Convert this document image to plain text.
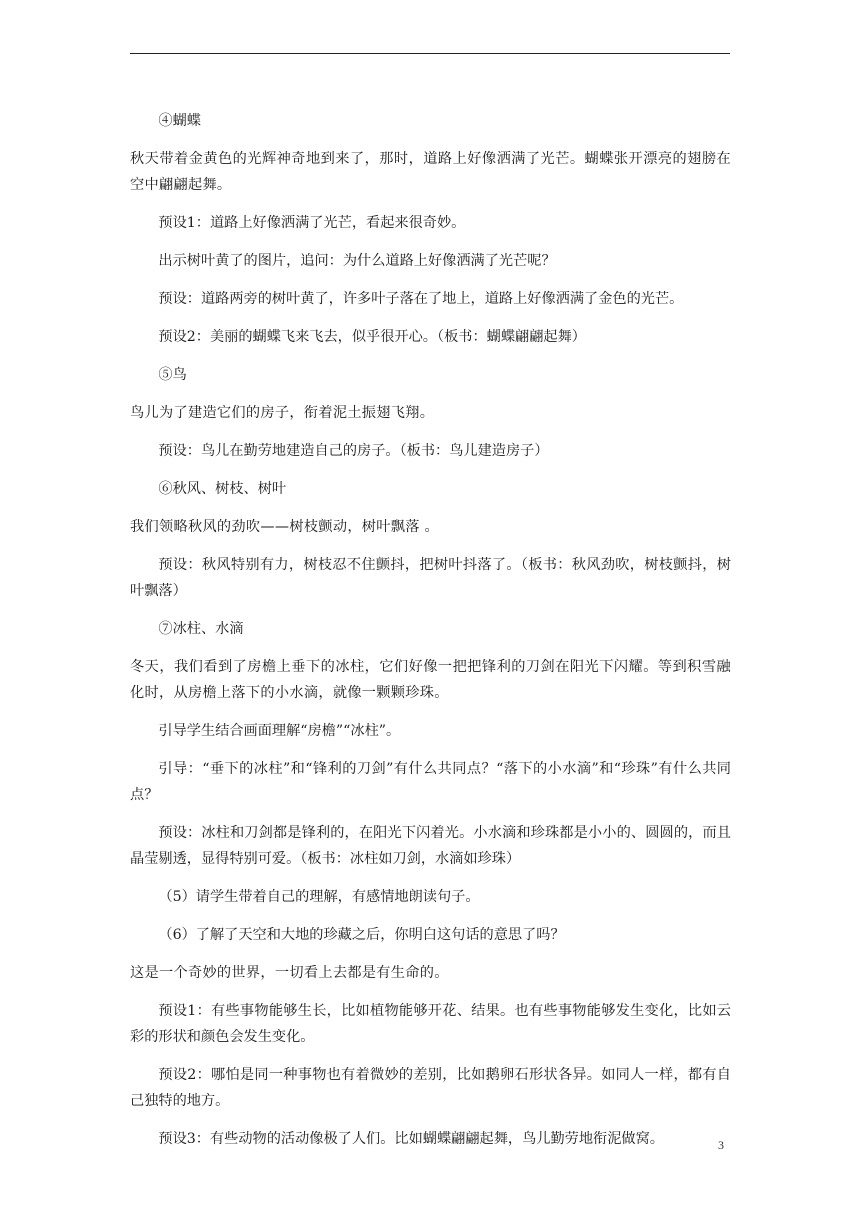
④蝴蝶

秋天带着金黄色的光辉神奇地到来了，那时，道路上好像洒满了光芒。蝴蝶张开漂亮的翅膀在空中翩翩起舞。

预设1：道路上好像洒满了光芒，看起来很奇妙。

出示树叶黄了的图片，追问：为什么道路上好像洒满了光芒呢？

预设：道路两旁的树叶黄了，许多叶子落在了地上，道路上好像洒满了金色的光芒。

预设2：美丽的蝴蝶飞来飞去，似乎很开心。（板书：蝴蝶翩翩起舞）

⑤鸟

鸟儿为了建造它们的房子，衔着泥土振翅飞翔。

预设：鸟儿在勤劳地建造自己的房子。（板书：鸟儿建造房子）

⑥秋风、树枝、树叶

我们领略秋风的劲吹——树枝颤动，树叶飘落 。

预设：秋风特别有力，树枝忍不住颤抖，把树叶抖落了。（板书：秋风劲吹，树枝颤抖，树叶飘落）

⑦冰柱、水滴

冬天，我们看到了房檐上垂下的冰柱，它们好像一把把锋利的刀剑在阳光下闪耀。等到积雪融化时，从房檐上落下的小水滴，就像一颗颗珍珠。

引导学生结合画面理解“房檐”“冰柱”。

引导：“垂下的冰柱”和“锋利的刀剑”有什么共同点？“落下的小水滴”和“珍珠”有什么共同点？

预设：冰柱和刀剑都是锋利的，在阳光下闪着光。小水滴和珍珠都是小小的、圆圆的，而且晶莹剔透，显得特别可爱。（板书：冰柱如刀剑，水滴如珍珠）

（5）请学生带着自己的理解，有感情地朗读句子。

（6）了解了天空和大地的珍藏之后，你明白这句话的意思了吗？

这是一个奇妙的世界，一切看上去都是有生命的。

预设1：有些事物能够生长，比如植物能够开花、结果。也有些事物能够发生变化，比如云彩的形状和颜色会发生变化。

预设2：哪怕是同一种事物也有着微妙的差别，比如鹅卵石形状各异。如同人一样，都有自己独特的地方。

预设3：有些动物的活动像极了人们。比如蝴蝶翩翩起舞，鸟儿勤劳地衔泥做窝。	3
